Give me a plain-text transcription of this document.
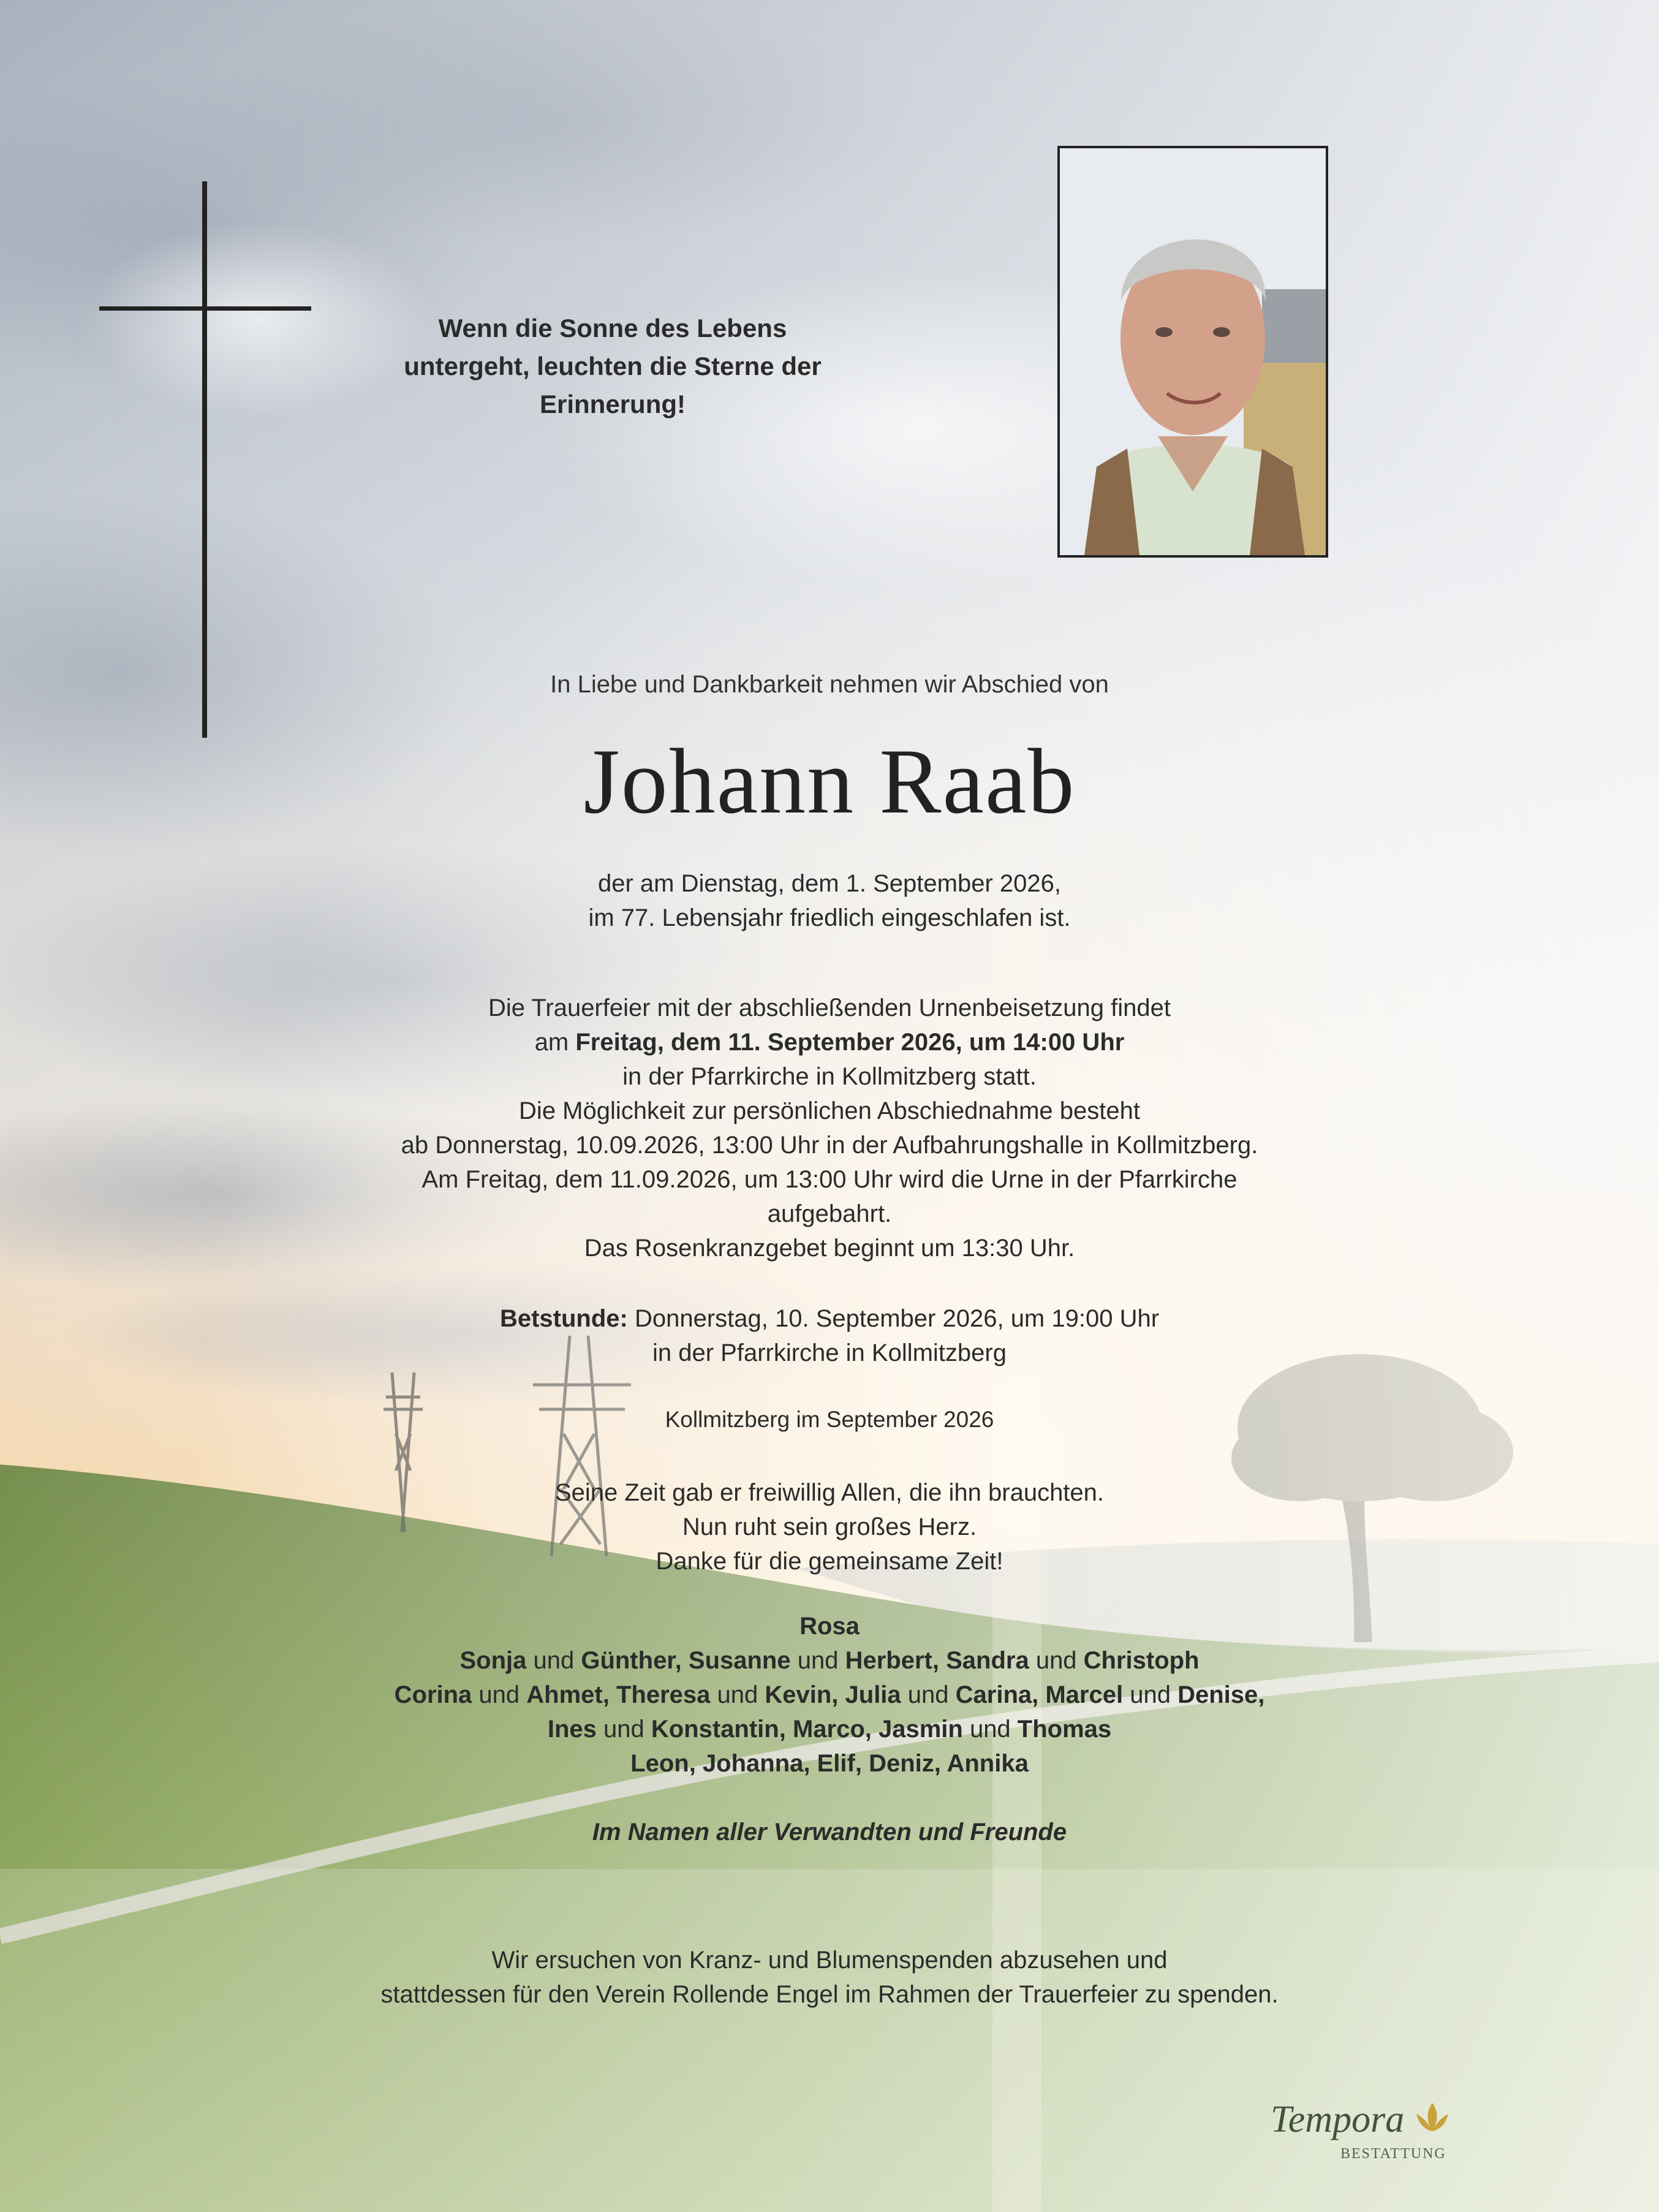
Wenn die Sonne des Lebens
untergeht, leuchten die Sterne der
Erinnerung!
In Liebe und Dankbarkeit nehmen wir Abschied von
Johann Raab
der am Dienstag, dem 1. September 2026,
im 77. Lebensjahr friedlich eingeschlafen ist.
Die Trauerfeier mit der abschließenden Urnenbeisetzung findet
am Freitag, dem 11. September 2026, um 14:00 Uhr
in der Pfarrkirche in Kollmitzberg statt.
Die Möglichkeit zur persönlichen Abschiednahme besteht
ab Donnerstag, 10.09.2026, 13:00 Uhr in der Aufbahrungshalle in Kollmitzberg.
Am Freitag, dem 11.09.2026, um 13:00 Uhr wird die Urne in der Pfarrkirche
aufgebahrt.
Das Rosenkranzgebet beginnt um 13:30 Uhr.
Betstunde: Donnerstag, 10. September 2026, um 19:00 Uhr
in der Pfarrkirche in Kollmitzberg
Kollmitzberg im September 2026
Seine Zeit gab er freiwillig Allen, die ihn brauchten.
Nun ruht sein großes Herz.
Danke für die gemeinsame Zeit!
Rosa
Sonja und Günther, Susanne und Herbert, Sandra und Christoph
Corina und Ahmet, Theresa und Kevin, Julia und Carina, Marcel und Denise,
Ines und Konstantin, Marco, Jasmin und Thomas
Leon, Johanna, Elif, Deniz, Annika
Im Namen aller Verwandten und Freunde
Wir ersuchen von Kranz- und Blumenspenden abzusehen und
stattdessen für den Verein Rollende Engel im Rahmen der Trauerfeier zu spenden.
Tempora
BESTATTUNG
